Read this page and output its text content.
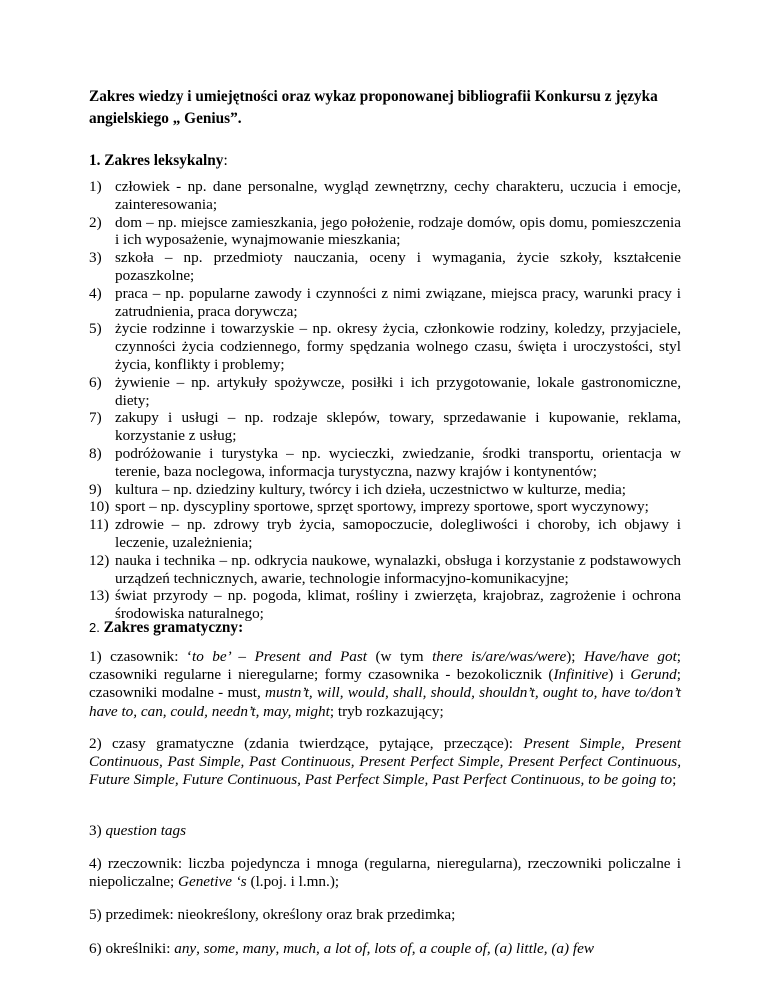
Zakres wiedzy i umiejętności oraz wykaz proponowanej bibliografii Konkursu z języka
angielskiego „ Genius”.

1. Zakres leksykalny:

1) człowiek - np. dane personalne, wygląd zewnętrzny, cechy charakteru, uczucia i emocje, zainteresowania;
2) dom – np. miejsce zamieszkania, jego położenie, rodzaje domów, opis domu, pomieszczenia i ich wyposażenie, wynajmowanie mieszkania;
3) szkoła – np. przedmioty nauczania, oceny i wymagania, życie szkoły, kształcenie pozaszkolne;
4) praca – np. popularne zawody i czynności z nimi związane, miejsca pracy, warunki pracy i zatrudnienia, praca dorywcza;
5) życie rodzinne i towarzyskie – np. okresy życia, członkowie rodziny, koledzy, przyjaciele, czynności życia codziennego, formy spędzania wolnego czasu, święta i uroczystości, styl życia, konflikty i problemy;
6) żywienie – np. artykuły spożywcze, posiłki i ich przygotowanie, lokale gastronomiczne, diety;
7) zakupy i usługi – np. rodzaje sklepów, towary, sprzedawanie i kupowanie, reklama, korzystanie z usług;
8) podróżowanie i turystyka – np. wycieczki, zwiedzanie, środki transportu, orientacja w terenie, baza noclegowa, informacja turystyczna, nazwy krajów i kontynentów;
9) kultura – np. dziedziny kultury, twórcy i ich dzieła, uczestnictwo w kulturze, media;
10) sport – np. dyscypliny sportowe, sprzęt sportowy, imprezy sportowe, sport wyczynowy;
11) zdrowie – np. zdrowy tryb życia, samopoczucie, dolegliwości i choroby, ich objawy i leczenie, uzależnienia;
12) nauka i technika – np. odkrycia naukowe, wynalazki, obsługa i korzystanie z podstawowych urządzeń technicznych, awarie, technologie informacyjno-komunikacyjne;
13) świat przyrody – np. pogoda, klimat, rośliny i zwierzęta, krajobraz, zagrożenie i ochrona środowiska naturalnego;

2. Zakres gramatyczny:

1) czasownik: ‘to be’ – Present and Past (w tym there is/are/was/were); Have/have got; czasowniki regularne i nieregularne; formy czasownika - bezokolicznik (Infinitive) i Gerund; czasowniki modalne - must, mustn’t, will, would, shall, should, shouldn’t, ought to, have to/don’t have to, can, could, needn’t, may, might; tryb rozkazujący;

2) czasy gramatyczne (zdania twierdzące, pytające, przeczące): Present Simple, Present Continuous, Past Simple, Past Continuous, Present Perfect Simple, Present Perfect Continuous, Future Simple, Future Continuous, Past Perfect Simple, Past Perfect Continuous, to be going to;

3) question tags

4) rzeczownik: liczba pojedyncza i mnoga (regularna, nieregularna), rzeczowniki policzalne i niepoliczalne; Genetive ‘s (l.poj. i l.mn.);

5) przedimek: nieokreślony, określony oraz brak przedimka;

6) określniki: any, some, many, much, a lot of, lots of, a couple of, (a) little, (a) few
